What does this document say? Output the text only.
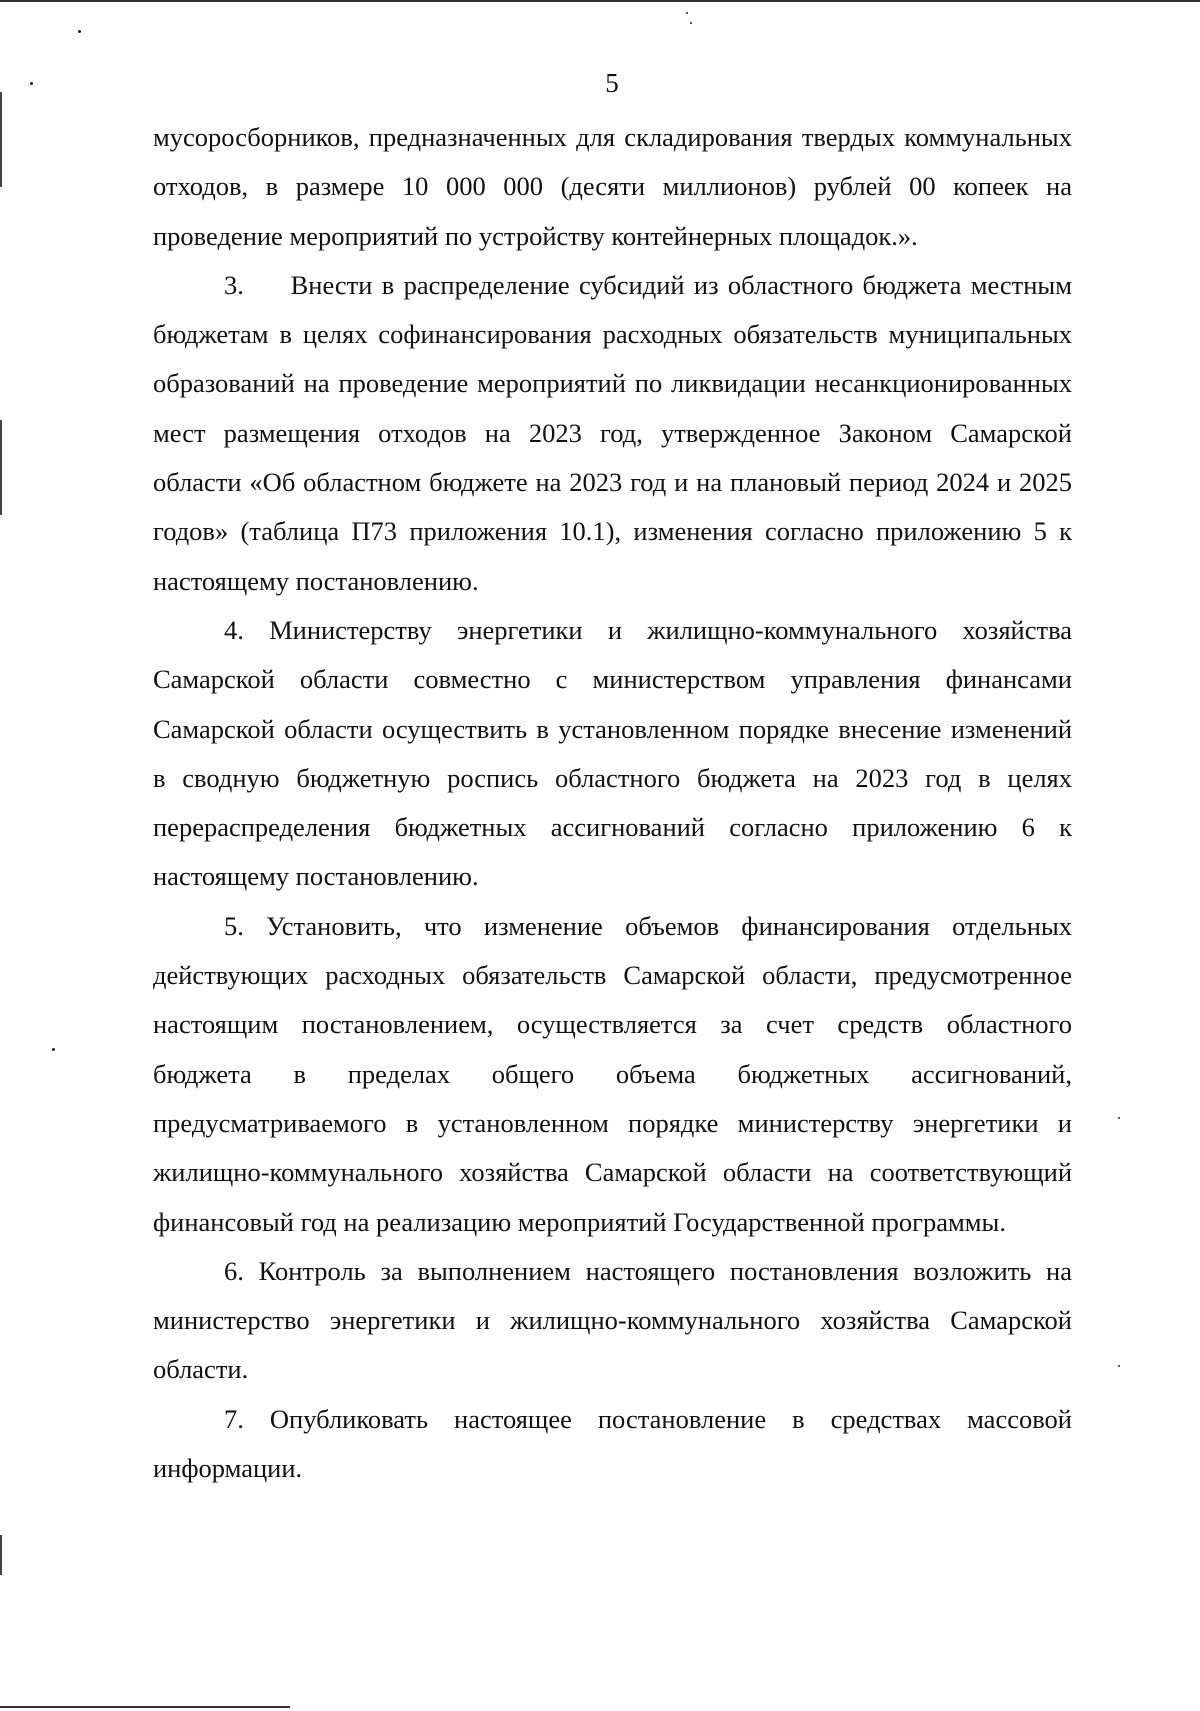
5

мусоросборников, предназначенных для складирования твердых коммунальных отходов, в размере 10 000 000 (десяти миллионов) рублей 00 копеек на проведение мероприятий по устройству контейнерных площадок.».

3.     Внести в распределение субсидий из областного бюджета местным бюджетам в целях софинансирования расходных обязательств муниципальных образований на проведение мероприятий по ликвидации несанкционированных мест размещения отходов на 2023 год, утвержденное Законом Самарской области «Об областном бюджете на 2023 год и на плановый период 2024 и 2025 годов» (таблица П73 приложения 10.1), изменения согласно приложению 5 к настоящему постановлению.

4. Министерству энергетики и жилищно-коммунального хозяйства Самарской области совместно с министерством управления финансами Самарской области осуществить в установленном порядке внесение изменений в сводную бюджетную роспись областного бюджета на 2023 год в целях перераспределения бюджетных ассигнований согласно приложению 6 к настоящему постановлению.

5. Установить, что изменение объемов финансирования отдельных действующих расходных обязательств Самарской области, предусмотренное настоящим постановлением, осуществляется за счет средств областного бюджета в пределах общего объема бюджетных ассигнований, предусматриваемого в установленном порядке министерству энергетики и жилищно-коммунального хозяйства Самарской области на соответствующий финансовый год на реализацию мероприятий Государственной программы.

6. Контроль за выполнением настоящего постановления возложить на министерство энергетики и жилищно-коммунального хозяйства Самарской области.

7. Опубликовать настоящее постановление в средствах массовой информации.
